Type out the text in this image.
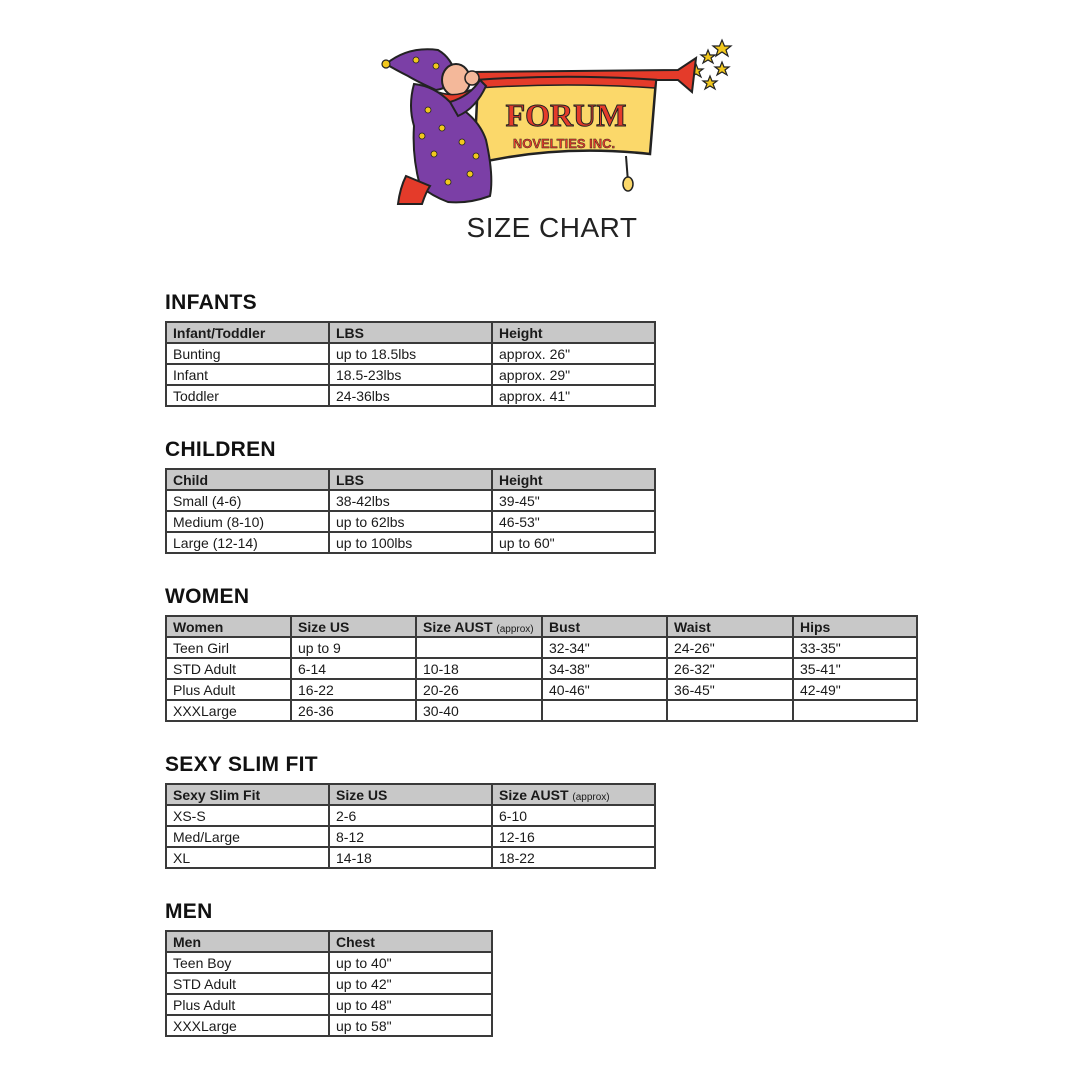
FORUM
NOVELTIES INC.
SIZE CHART
INFANTS
Infant/Toddler	LBS	Height
Bunting	up to 18.5lbs	approx. 26"
Infant	18.5-23lbs	approx. 29"
Toddler	24-36lbs	approx. 41"
CHILDREN
Child	LBS	Height
Small (4-6)	38-42lbs	39-45"
Medium (8-10)	up to 62lbs	46-53"
Large (12-14)	up to 100lbs	up to 60"
WOMEN
Women	Size US	Size AUST (approx)	Bust	Waist	Hips
Teen Girl	up to 9		32-34"	24-26"	33-35"
STD Adult	6-14	10-18	34-38"	26-32"	35-41"
Plus Adult	16-22	20-26	40-46"	36-45"	42-49"
XXXLarge	26-36	30-40			
SEXY SLIM FIT
Sexy Slim Fit	Size US	Size AUST (approx)
XS-S	2-6	6-10
Med/Large	8-12	12-16
XL	14-18	18-22
MEN
Men	Chest
Teen Boy	up to 40"
STD Adult	up to 42"
Plus Adult	up to 48"
XXXLarge	up to 58"
